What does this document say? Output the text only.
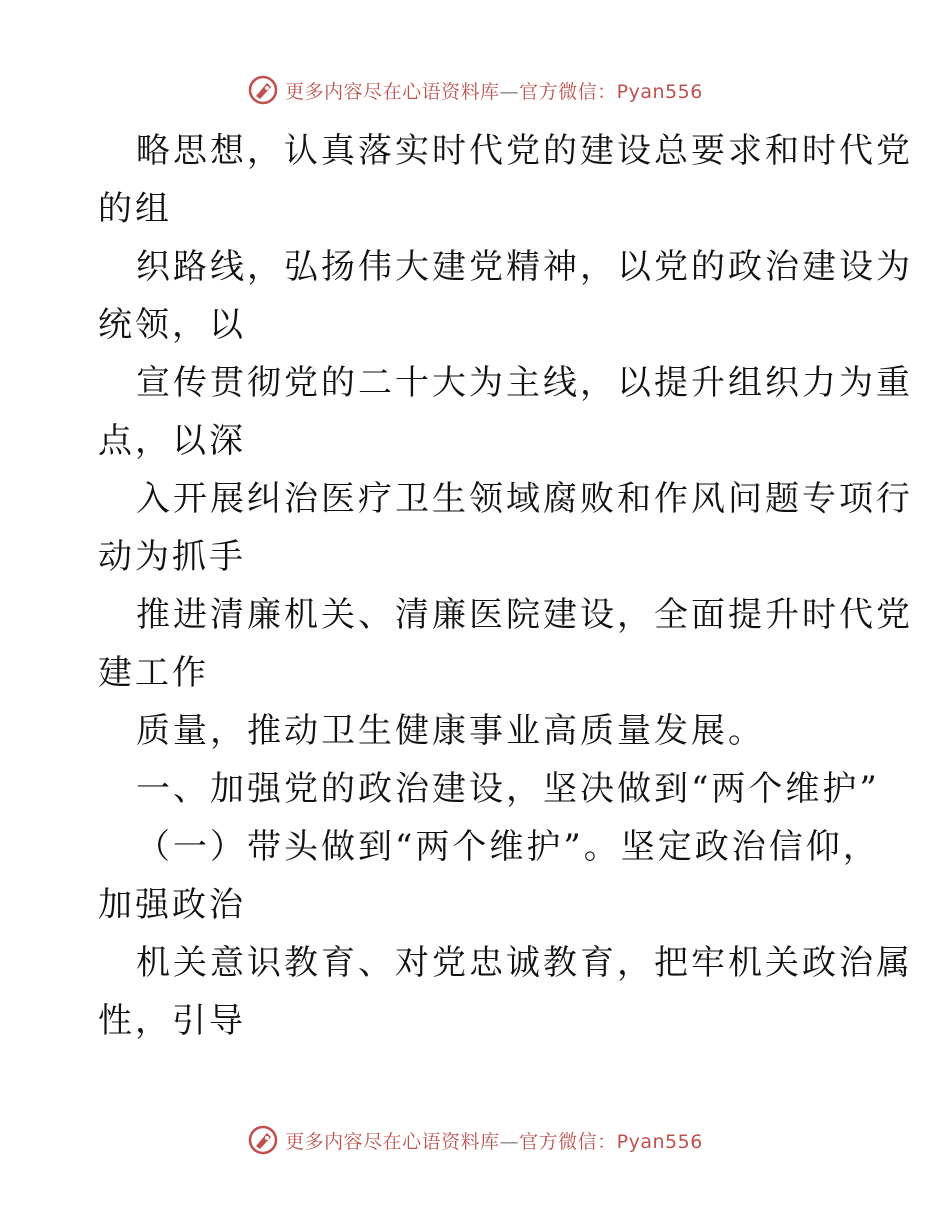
更多内容尽在心语资料库—官方微信：Pyan556
略思想，认真落实时代党的建设总要求和时代党
的组
织路线，弘扬伟大建党精神，以党的政治建设为
统领，以
宣传贯彻党的二十大为主线，以提升组织力为重
点，以深
入开展纠治医疗卫生领域腐败和作风问题专项行
动为抓手
推进清廉机关、清廉医院建设，全面提升时代党
建工作
质量，推动卫生健康事业高质量发展。
一、加强党的政治建设，坚决做到“两个维护”
（一）带头做到“两个维护”。坚定政治信仰，
加强政治
机关意识教育、对党忠诚教育，把牢机关政治属
性，引导
更多内容尽在心语资料库—官方微信：Pyan556
